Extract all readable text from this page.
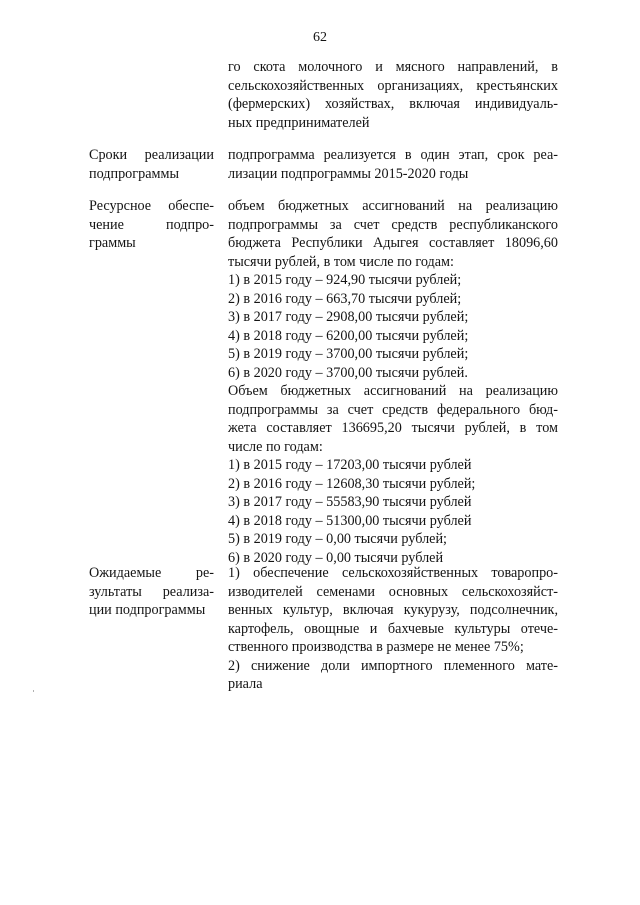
62
го скота молочного и мясного направлений, в
сельскохозяйственных организациях, крестьянских
(фермерских) хозяйствах, включая индивидуаль-
ных предпринимателей
Сроки реализации
подпрограммы
подпрограмма реализуется в один этап, срок реа-
лизации подпрограммы 2015-2020 годы
Ресурсное обеспе-
чение подпро-
граммы
объем бюджетных ассигнований на реализацию
подпрограммы за счет средств республиканского
бюджета Республики Адыгея составляет 18096,60
тысячи рублей, в том числе по годам:
1) в 2015 году – 924,90 тысячи рублей;
2) в 2016 году – 663,70 тысячи рублей;
3) в 2017 году – 2908,00 тысячи рублей;
4) в 2018 году – 6200,00 тысячи рублей;
5) в 2019 году – 3700,00 тысячи рублей;
6) в 2020 году – 3700,00 тысячи рублей.
Объем бюджетных ассигнований на реализацию
подпрограммы за счет средств федерального бюд-
жета составляет 136695,20 тысячи рублей, в том
числе по годам:
1) в 2015 году – 17203,00 тысячи рублей
2) в 2016 году – 12608,30 тысячи рублей;
3) в 2017 году – 55583,90 тысячи рублей
4) в 2018 году – 51300,00 тысячи рублей
5) в 2019 году – 0,00 тысячи рублей;
6) в 2020 году – 0,00 тысячи рублей
Ожидаемые ре-
зультаты реализа-
ции подпрограммы
1) обеспечение сельскохозяйственных товаропро-
изводителей семенами основных сельскохозяйст-
венных культур, включая кукурузу, подсолнечник,
картофель, овощные и бахчевые культуры отече-
ственного производства в размере не менее 75%;
2) снижение доли импортного племенного мате-
риала
